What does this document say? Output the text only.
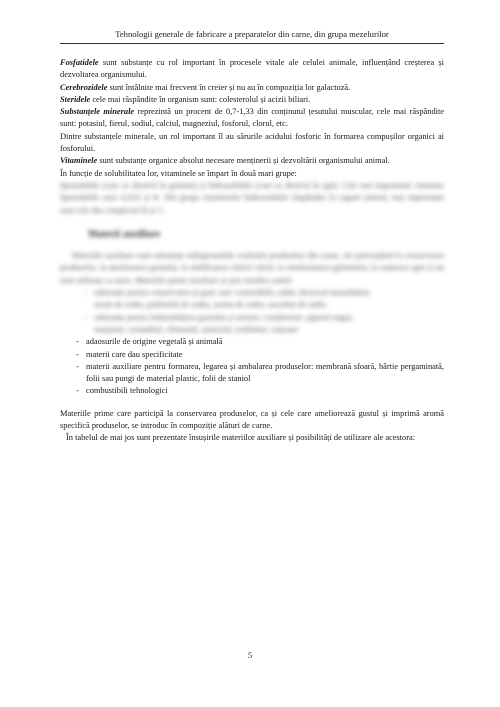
Tehnologii generale de fabricare a preparatelor din carne, din grupa mezelurilor

Fosfatidele sunt substanțe cu rol important în procesele vitale ale celulei animale, influențând creșterea și dezvoltarea organismului.

Cerebrozidele sunt întâlnite mai frecvent în creier și nu au în compoziția lor galactoză.

Steridele cele mai răspândite în organism sunt: colesterolul și acizii biliari.

Substanțele minerale reprezintă un procent de 0,7-1,33 din conținutul țesutului muscular, cele mai răspândite sunt: potasiul, fierul, sodiul, calciul, magneziul, fosforul, clorul, etc.

Dintre substanțele minerale, un rol important îl au sărurile acidului fosforic în formarea compușilor organici ai fosforului.

Vitaminele sunt substanțe organice absolut necesare menținerii și dezvoltării organismului animal.

În funcție de solubilitatea lor, vitaminele se împart în două mari grupe:

liposolubile (care se dizolvă în grăsimi) și hidrosolubile (care se dizolvă în apă). Cele mai importante vitamine liposolubile sunt A,D,E și K. Din grupa vitaminelor hidrosolubile răspândite în regnul animal, mai importante sunt cele din complexul B și C.

Materii auxiliare

Materiile auxiliare sunt substanțe indispensabile realizării produselor din carne, ele participând la conservarea produselor, la ameliorarea gustului, la stabilizarea culorii cărnii, la emulsionarea grăsimilor, la reținerea apei și nu sunt utilizate ca atare. Materiile prime auxiliare se pot clasifica astfel:

- substanțe pentru conservarea și gust: sare comestibilă, zahăr, dextroză monohidrat,
azotit de sodiu, polifosfat de sodiu, azotat de sodiu, ascorbat de sodiu
- substanțe pentru îmbunătățirea gustului și aromei: condimente: piperul negru,
muștarul, coriandrul, chimenul, usturoiul, ienibahar, cuișoare
- adaosurile de origine vegetală și animală
- materii care dau specificitate
- materii auxiliare pentru formarea, legarea și ambalarea produselor: membrană sfoară, hârtie pergaminată, folii sau pungi de material plastic, folii de staniol
- combustibili tehnologici

Materiile prime care participă la conservarea produselor, ca și cele care ameliorează gustul și imprimă aromă specifică produselor, se introduc în compoziție alături de carne.

În tabelul de mai jos sunt prezentate însușirile materiilor auxiliare și posibilități de utilizare ale acestora:

5
